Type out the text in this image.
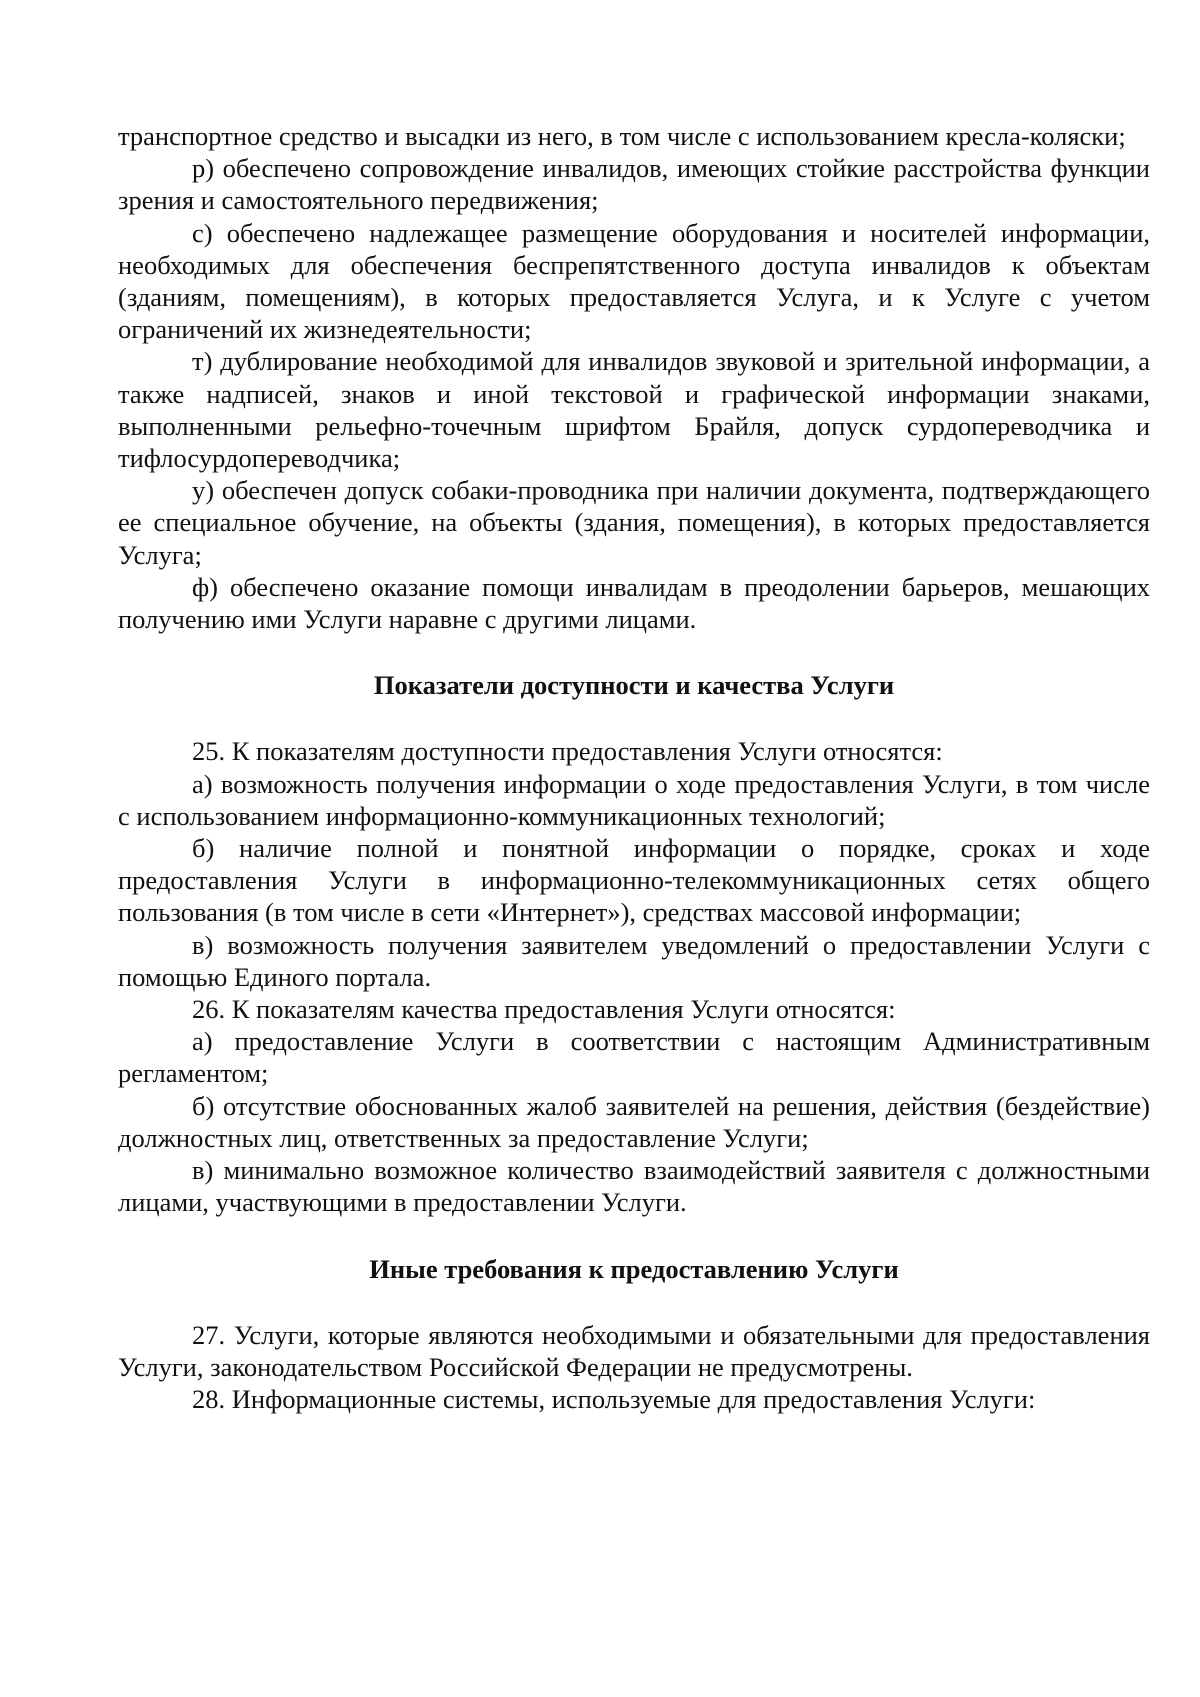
транспортное средство и высадки из него, в том числе с использованием кресла-коляски;

р) обеспечено сопровождение инвалидов, имеющих стойкие расстройства функции зрения и самостоятельного передвижения;

с) обеспечено надлежащее размещение оборудования и носителей информации, необходимых для обеспечения беспрепятственного доступа инвалидов к объектам (зданиям, помещениям), в которых предоставляется Услуга, и к Услуге с учетом ограничений их жизнедеятельности;

т) дублирование необходимой для инвалидов звуковой и зрительной информации, а также надписей, знаков и иной текстовой и графической информации знаками, выполненными рельефно-точечным шрифтом Брайля, допуск сурдопереводчика и тифлосурдопереводчика;

у) обеспечен допуск собаки-проводника при наличии документа, подтверждающего ее специальное обучение, на объекты (здания, помещения), в которых предоставляется Услуга;

ф) обеспечено оказание помощи инвалидам в преодолении барьеров, мешающих получению ими Услуги наравне с другими лицами.

Показатели доступности и качества Услуги

25. К показателям доступности предоставления Услуги относятся:

а) возможность получения информации о ходе предоставления Услуги, в том числе с использованием информационно-коммуникационных технологий;

б) наличие полной и понятной информации о порядке, сроках и ходе предоставления Услуги в информационно-телекоммуникационных сетях общего пользования (в том числе в сети «Интернет»), средствах массовой информации;

в) возможность получения заявителем уведомлений о предоставлении Услуги с помощью Единого портала.

26. К показателям качества предоставления Услуги относятся:

а) предоставление Услуги в соответствии с настоящим Административным регламентом;

б) отсутствие обоснованных жалоб заявителей на решения, действия (бездействие) должностных лиц, ответственных за предоставление Услуги;

в) минимально возможное количество взаимодействий заявителя с должностными лицами, участвующими в предоставлении Услуги.

Иные требования к предоставлению Услуги

27. Услуги, которые являются необходимыми и обязательными для предоставления Услуги, законодательством Российской Федерации не предусмотрены.

28. Информационные системы, используемые для предоставления Услуги:
